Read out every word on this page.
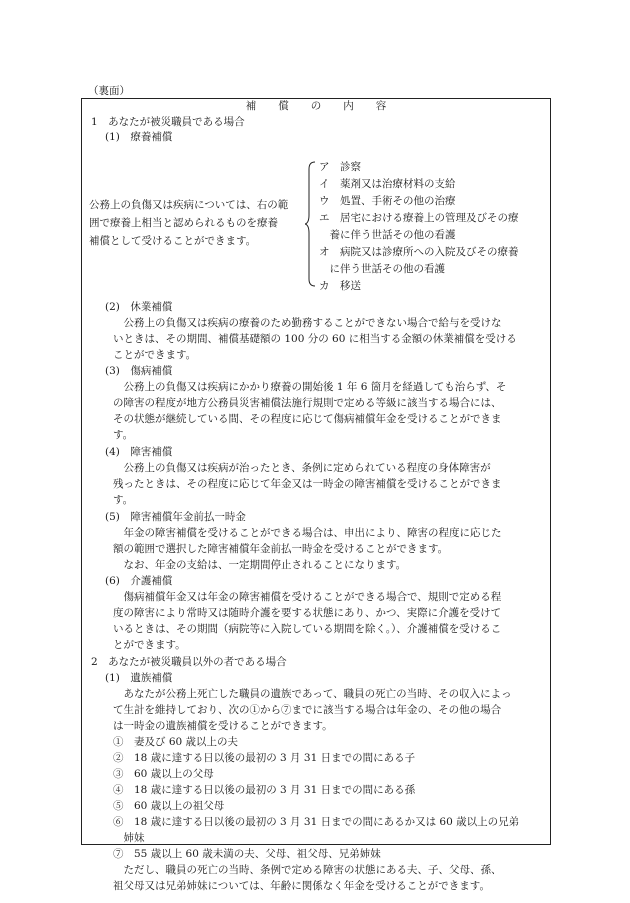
（裏面）
補償の内容
1　あなたが被災職員である場合
(1)　療養補償
公務上の負傷又は疾病については、右の範
囲で療養上相当と認められるものを療養
補償として受けることができます。
ア　診察
イ　薬剤又は治療材料の支給
ウ　処置、手術その他の治療
エ　居宅における療養上の管理及びその療
　養に伴う世話その他の看護
オ　病院又は診療所への入院及びその療養
　に伴う世話その他の看護
カ　移送
(2)　休業補償
　公務上の負傷又は疾病の療養のため勤務することができない場合で給与を受けな
いときは、その期間、補償基礎額の 100 分の 60 に相当する金額の休業補償を受ける
ことができます。
(3)　傷病補償
　公務上の負傷又は疾病にかかり療養の開始後 1 年 6 箇月を経過しても治らず、そ
の障害の程度が地方公務員災害補償法施行規則で定める等級に該当する場合には、
その状態が継続している間、その程度に応じて傷病補償年金を受けることができま
す。
(4)　障害補償
　公務上の負傷又は疾病が治ったとき、条例に定められている程度の身体障害が
残ったときは、その程度に応じて年金又は一時金の障害補償を受けることができま
す。
(5)　障害補償年金前払一時金
　年金の障害補償を受けることができる場合は、申出により、障害の程度に応じた
額の範囲で選択した障害補償年金前払一時金を受けることができます。
　なお、年金の支給は、一定期間停止されることになります。
(6)　介護補償
　傷病補償年金又は年金の障害補償を受けることができる場合で、規則で定める程
度の障害により常時又は随時介護を要する状態にあり、かつ、実際に介護を受けて
いるときは、その期間（病院等に入院している期間を除く。）、介護補償を受けるこ
とができます。
2　あなたが被災職員以外の者である場合
(1)　遺族補償
　あなたが公務上死亡した職員の遺族であって、職員の死亡の当時、その収入によっ
て生計を維持しており、次の①から⑦までに該当する場合は年金の、その他の場合
は一時金の遺族補償を受けることができます。
①　妻及び 60 歳以上の夫
②　18 歳に達する日以後の最初の 3 月 31 日までの間にある子
③　60 歳以上の父母
④　18 歳に達する日以後の最初の 3 月 31 日までの間にある孫
⑤　60 歳以上の祖父母
⑥　18 歳に達する日以後の最初の 3 月 31 日までの間にあるか又は 60 歳以上の兄弟
　姉妹
⑦　55 歳以上 60 歳未満の夫、父母、祖父母、兄弟姉妹
　ただし、職員の死亡の当時、条例で定める障害の状態にある夫、子、父母、孫、
祖父母又は兄弟姉妹については、年齢に関係なく年金を受けることができます。
